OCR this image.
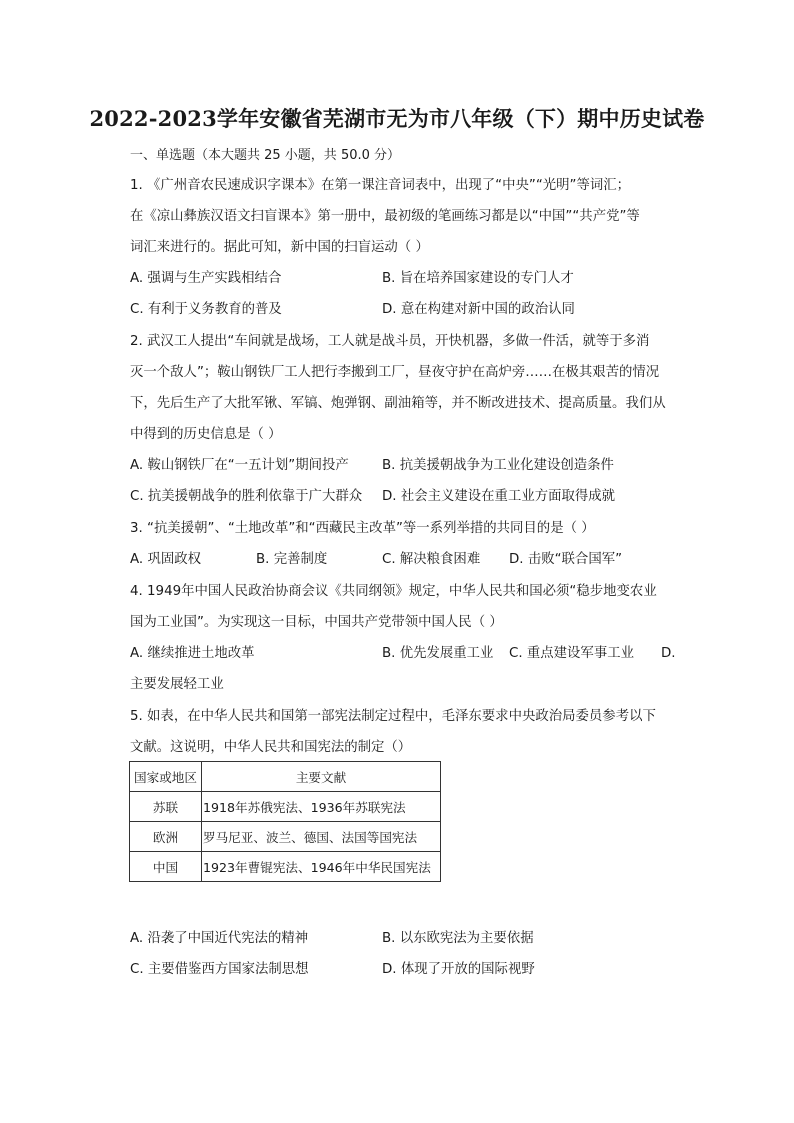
2022-2023学年安徽省芜湖市无为市八年级（下）期中历史试卷
一、单选题（本大题共 25 小题，共 50.0 分）
1. 《广州音农民速成识字课本》在第一课注音词表中，出现了“中央”“光明”等词汇；
在《凉山彝族汉语文扫盲课本》第一册中，最初级的笔画练习都是以“中国”“共产党”等
词汇来进行的。据此可知，新中国的扫盲运动（ ）
A. 强调与生产实践相结合	B. 旨在培养国家建设的专门人才
C. 有利于义务教育的普及	D. 意在构建对新中国的政治认同
2. 武汉工人提出“车间就是战场，工人就是战斗员，开快机器，多做一件活，就等于多消
灭一个敌人”；鞍山钢铁厂工人把行李搬到工厂，昼夜守护在高炉旁……在极其艰苦的情况
下，先后生产了大批军锹、军镐、炮弹钢、副油箱等，并不断改进技术、提高质量。我们从
中得到的历史信息是（ ）
A. 鞍山钢铁厂在“一五计划”期间投产 B. 抗美援朝战争为工业化建设创造条件
C. 抗美援朝战争的胜利依靠于广大群众 D. 社会主义建设在重工业方面取得成就
3. “抗美援朝”、“土地改革”和“西藏民主改革”等一系列举措的共同目的是（ ）
A. 巩固政权	B. 完善制度	C. 解决粮食困难 D. 击败“联合国军”
4. 1949年中国人民政治协商会议《共同纲领》规定，中华人民共和国必须“稳步地变农业
国为工业国”。为实现这一目标，中国共产党带领中国人民（ ）
A. 继续推进土地改革	B. 优先发展重工业 C. 重点建设军事工业 D.
主要发展轻工业
5. 如表，在中华人民共和国第一部宪法制定过程中，毛泽东要求中央政治局委员参考以下
文献。这说明，中华人民共和国宪法的制定（）
国家或地区	主要文献
苏联	1918年苏俄宪法、1936年苏联宪法
欧洲	罗马尼亚、波兰、德国、法国等国宪法
中国	1923年曹锟宪法、1946年中华民国宪法
A. 沿袭了中国近代宪法的精神	B. 以东欧宪法为主要依据
C. 主要借鉴西方国家法制思想	D. 体现了开放的国际视野
